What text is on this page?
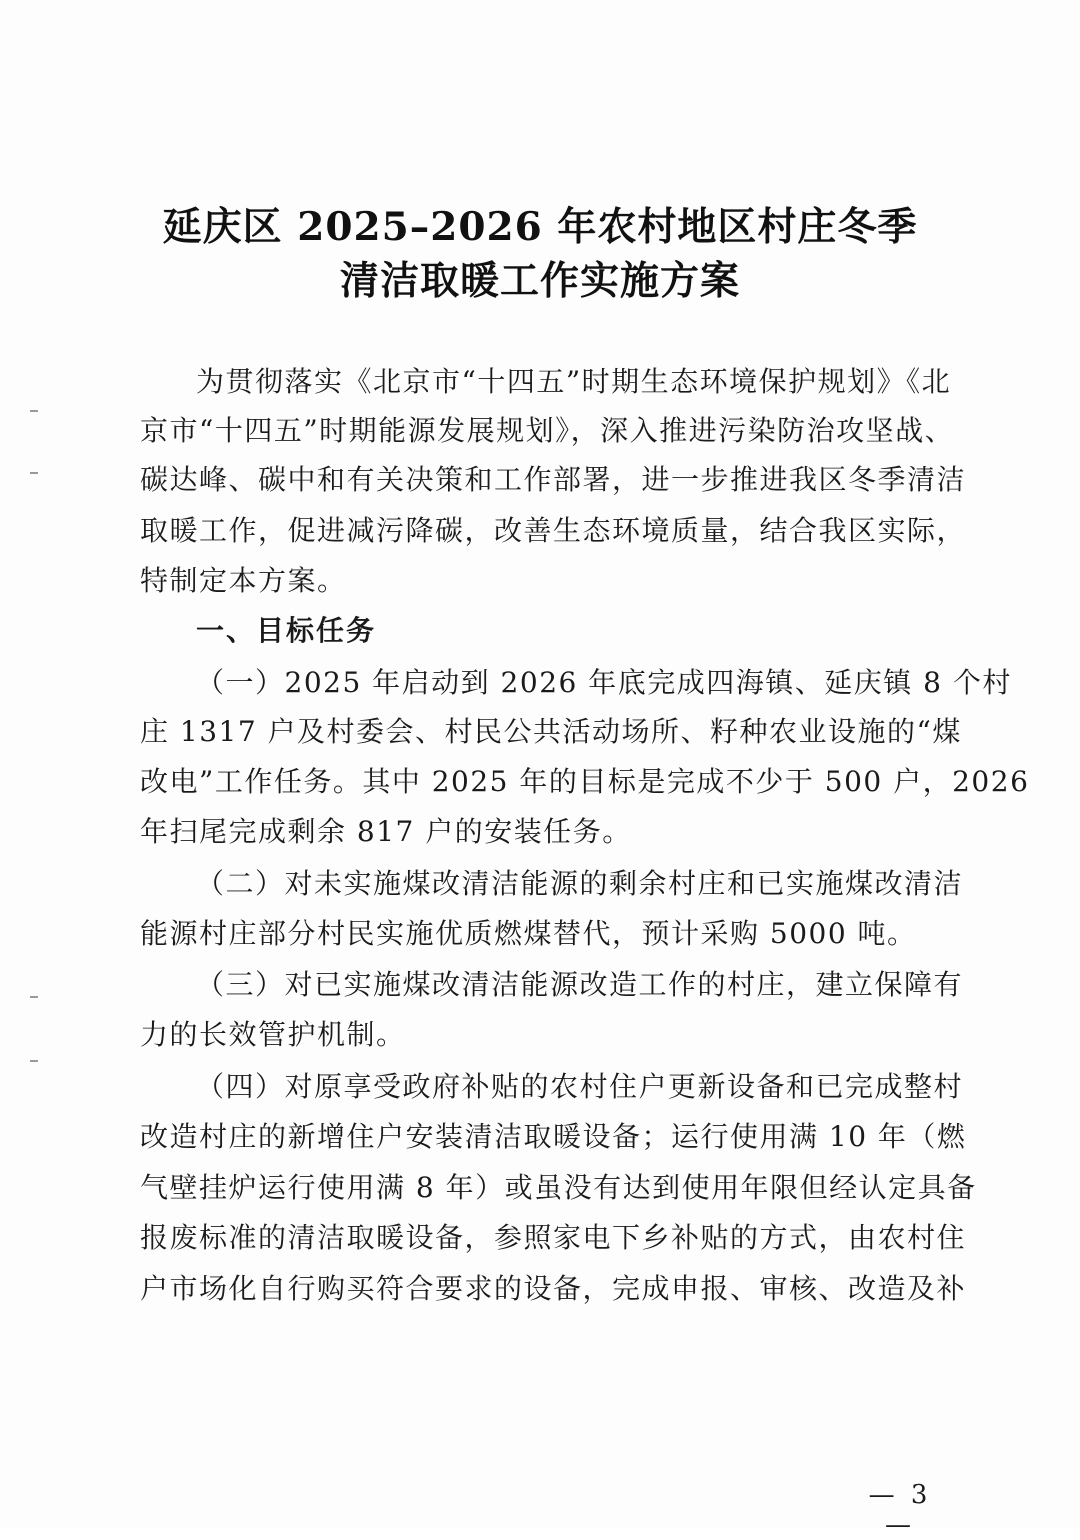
延庆区 2025–2026 年农村地区村庄冬季
清洁取暖工作实施方案
为贯彻落实《北京市“十四五”时期生态环境保护规划》《北
京市“十四五”时期能源发展规划》，深入推进污染防治攻坚战、
碳达峰、碳中和有关决策和工作部署，进一步推进我区冬季清洁
取暖工作，促进减污降碳，改善生态环境质量，结合我区实际，
特制定本方案。
一、目标任务
（一）2025 年启动到 2026 年底完成四海镇、延庆镇 8 个村
庄 1317 户及村委会、村民公共活动场所、籽种农业设施的“煤
改电”工作任务。其中 2025 年的目标是完成不少于 500 户，2026
年扫尾完成剩余 817 户的安装任务。
（二）对未实施煤改清洁能源的剩余村庄和已实施煤改清洁
能源村庄部分村民实施优质燃煤替代，预计采购 5000 吨。
（三）对已实施煤改清洁能源改造工作的村庄，建立保障有
力的长效管护机制。
（四）对原享受政府补贴的农村住户更新设备和已完成整村
改造村庄的新增住户安装清洁取暖设备；运行使用满 10 年（燃
气壁挂炉运行使用满 8 年）或虽没有达到使用年限但经认定具备
报废标准的清洁取暖设备，参照家电下乡补贴的方式，由农村住
户市场化自行购买符合要求的设备，完成申报、审核、改造及补
— 3 —
